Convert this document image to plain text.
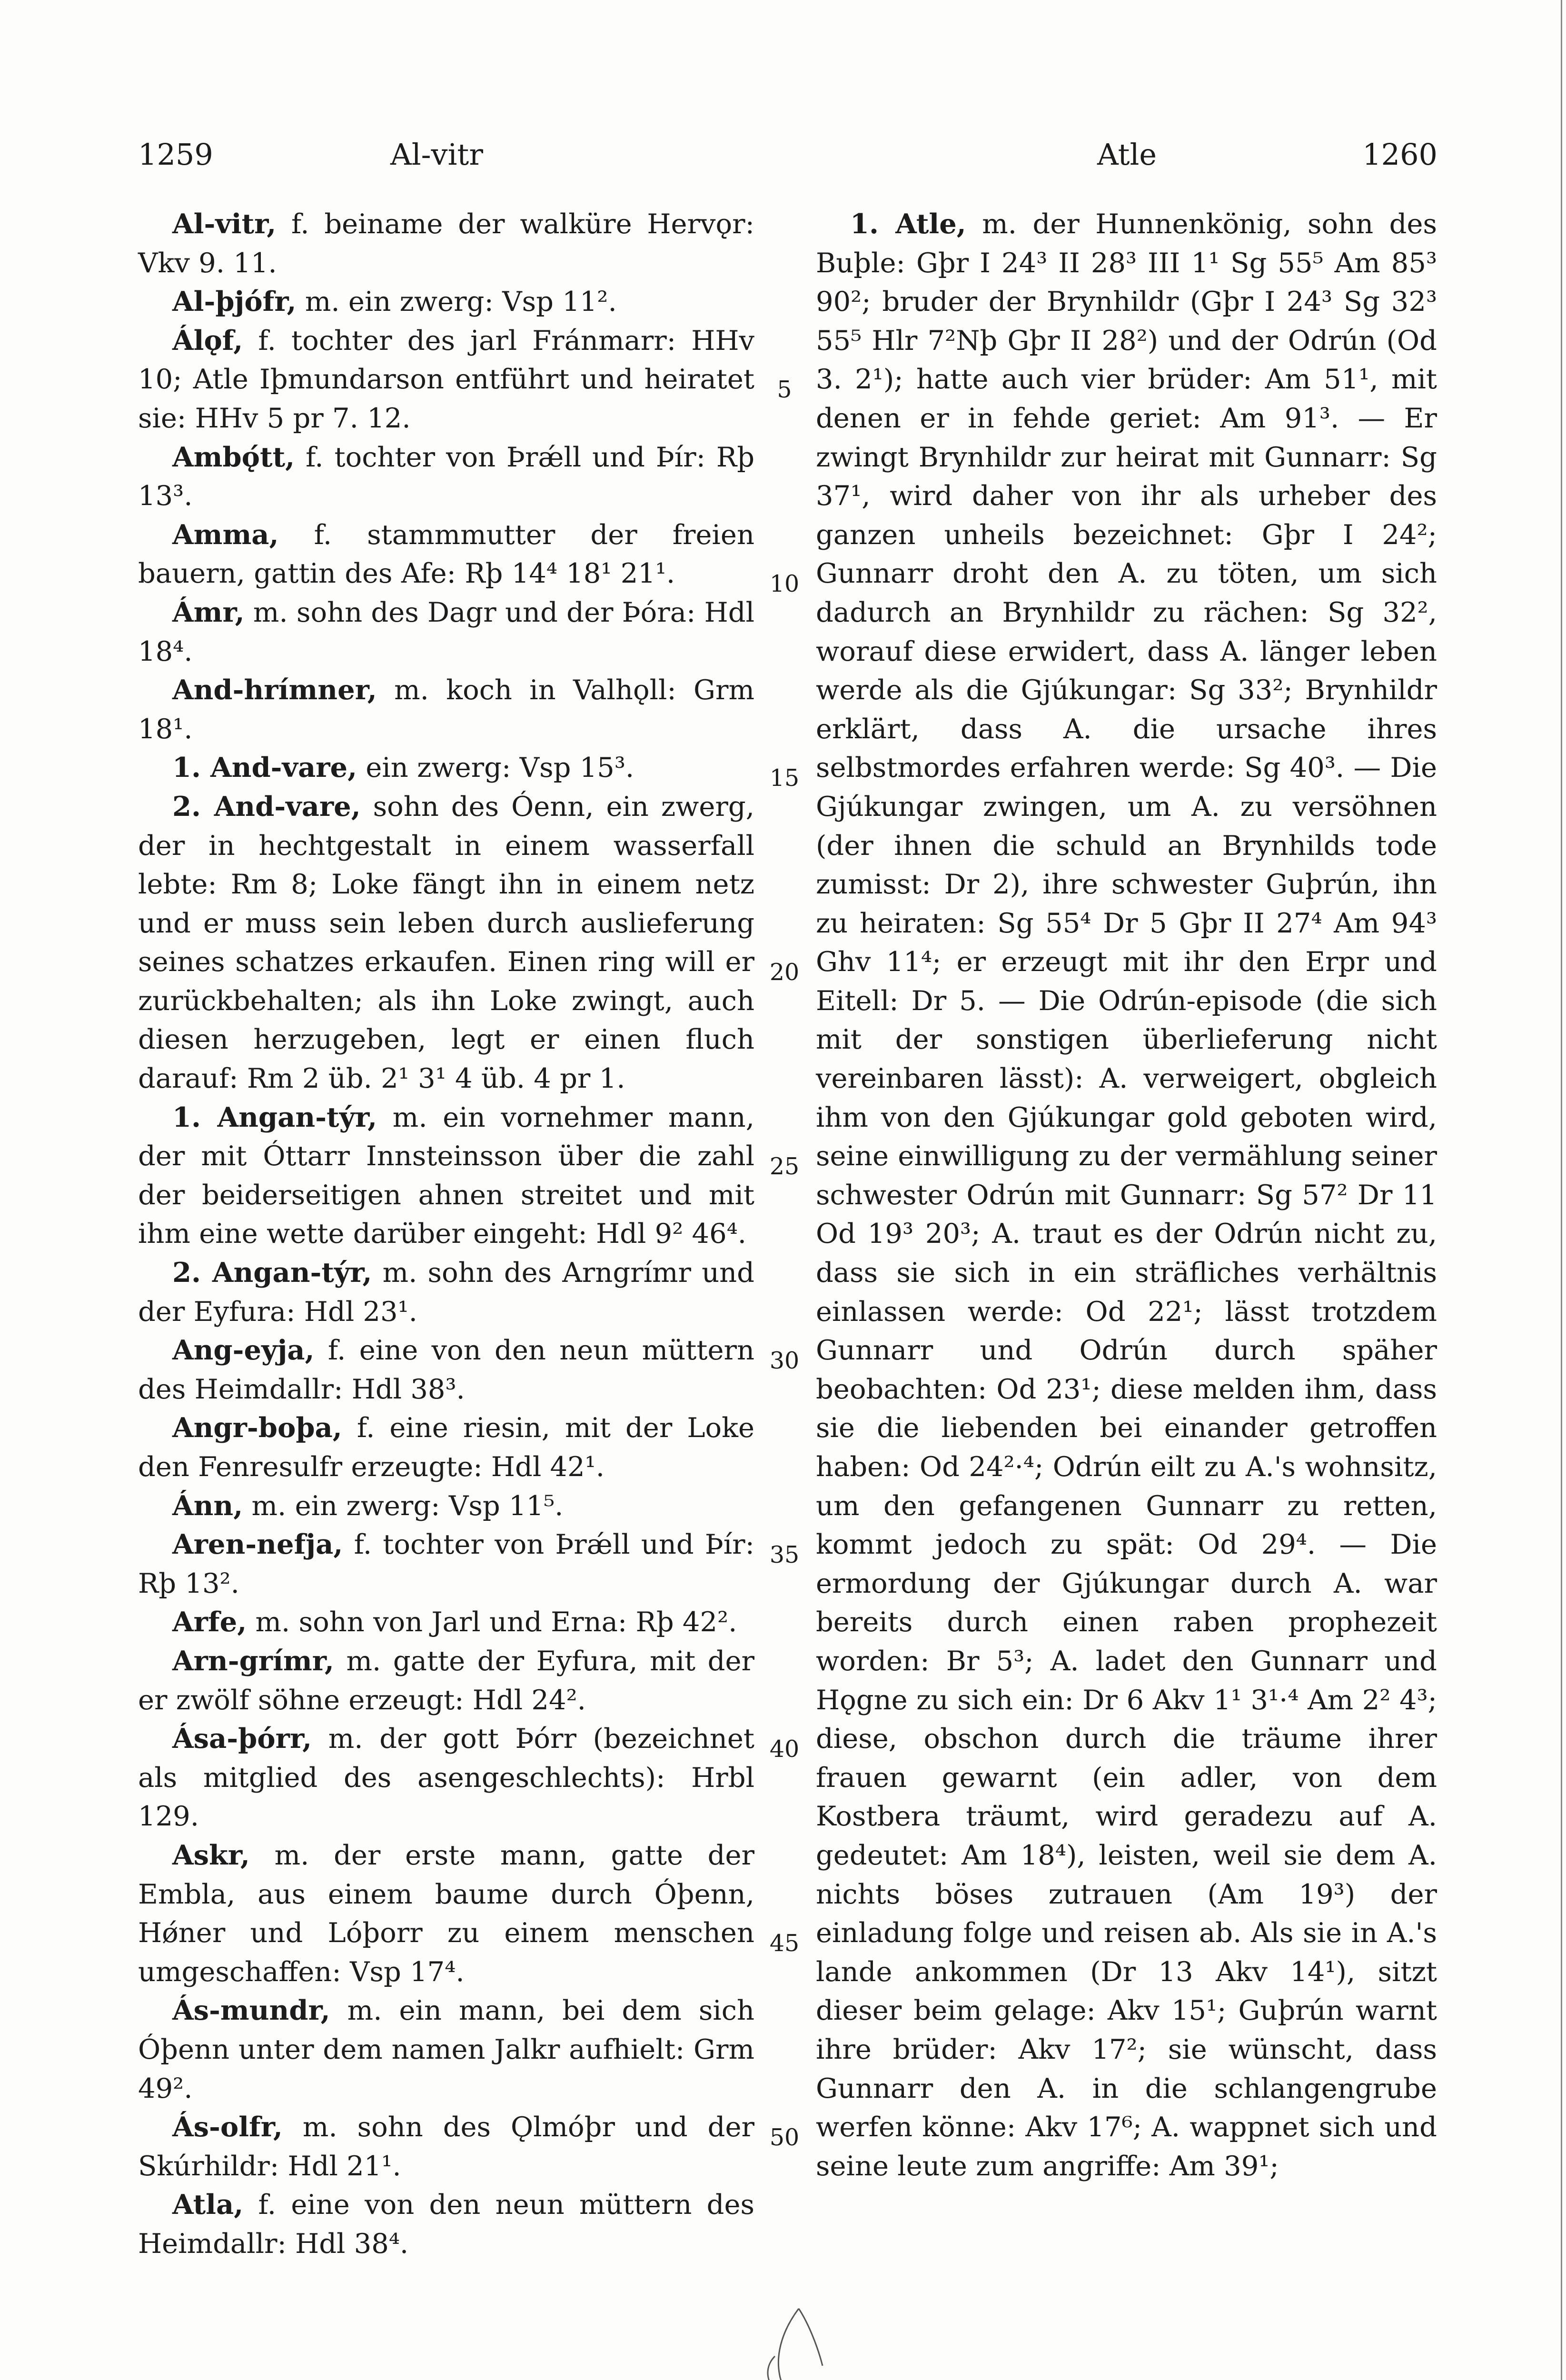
1259	Al-vitr	Atle	1260

Al-vitr, f. beiname der walküre Hervǫr: Vkv 9. 11.

Al-þjófr, m. ein zwerg: Vsp 11².

Álǫf, f. tochter des jarl Fránmarr: HHv 10; Atle Iþmundarson entführt und heiratet sie: HHv 5 pr 7. 12.

Ambǫ́tt, f. tochter von Þrǽll und Þír: Rþ 13³.

Amma, f. stammmutter der freien bauern, gattin des Afe: Rþ 14⁴ 18¹ 21¹.

Ámr, m. sohn des Dagr und der Þóra: Hdl 18⁴.

And-hrímner, m. koch in Valhǫll: Grm 18¹.

1. And-vare, ein zwerg: Vsp 15³.

2. And-vare, sohn des Óenn, ein zwerg, der in hechtgestalt in einem wasserfall lebte: Rm 8; Loke fängt ihn in einem netz und er muss sein leben durch auslieferung seines schatzes erkaufen. Einen ring will er zurückbehalten; als ihn Loke zwingt, auch diesen herzugeben, legt er einen fluch darauf: Rm 2 üb. 2¹ 3¹ 4 üb. 4 pr 1.

1. Angan-týr, m. ein vornehmer mann, der mit Óttarr Innsteinsson über die zahl der beiderseitigen ahnen streitet und mit ihm eine wette darüber eingeht: Hdl 9² 46⁴.

2. Angan-týr, m. sohn des Arngrímr und der Eyfura: Hdl 23¹.

Ang-eyja, f. eine von den neun müttern des Heimdallr: Hdl 38³.

Angr-boþa, f. eine riesin, mit der Loke den Fenresulfr erzeugte: Hdl 42¹.

Ánn, m. ein zwerg: Vsp 11⁵.

Aren-nefja, f. tochter von Þrǽll und Þír: Rþ 13².

Arfe, m. sohn von Jarl und Erna: Rþ 42².

Arn-grímr, m. gatte der Eyfura, mit der er zwölf söhne erzeugt: Hdl 24².

Ása-þórr, m. der gott Þórr (bezeichnet als mitglied des asengeschlechts): Hrbl 129.

Askr, m. der erste mann, gatte der Embla, aus einem baume durch Óþenn, Hǿner und Lóþorr zu einem menschen umgeschaffen: Vsp 17⁴.

Ás-mundr, m. ein mann, bei dem sich Óþenn unter dem namen Jalkr aufhielt: Grm 49².

Ás-olfr, m. sohn des Ǫlmóþr und der Skúrhildr: Hdl 21¹.

Atla, f. eine von den neun müttern des Heimdallr: Hdl 38⁴.

1. Atle, m. der Hunnenkönig, sohn des Buþle: Gþr I 24³ II 28³ III 1¹ Sg 55⁵ Am 85³ 90²; bruder der Brynhildr (Gþr I 24³ Sg 32³ 55⁵ Hlr 7²Nþ Gþr II 28²) und der Odrún (Od 3. 2¹); hatte auch vier brüder: Am 51¹, mit denen er in fehde geriet: Am 91³. — Er zwingt Brynhildr zur heirat mit Gunnarr: Sg 37¹, wird daher von ihr als urheber des ganzen unheils bezeichnet: Gþr I 24²; Gunnarr droht den A. zu töten, um sich dadurch an Brynhildr zu rächen: Sg 32², worauf diese erwidert, dass A. länger leben werde als die Gjúkungar: Sg 33²; Brynhildr erklärt, dass A. die ursache ihres selbstmordes erfahren werde: Sg 40³. — Die Gjúkungar zwingen, um A. zu versöhnen (der ihnen die schuld an Brynhilds tode zumisst: Dr 2), ihre schwester Guþrún, ihn zu heiraten: Sg 55⁴ Dr 5 Gþr II 27⁴ Am 94³ Ghv 11⁴; er erzeugt mit ihr den Erpr und Eitell: Dr 5. — Die Odrún-episode (die sich mit der sonstigen überlieferung nicht vereinbaren lässt): A. verweigert, obgleich ihm von den Gjúkungar gold geboten wird, seine einwilligung zu der vermählung seiner schwester Odrún mit Gunnarr: Sg 57² Dr 11 Od 19³ 20³; A. traut es der Odrún nicht zu, dass sie sich in ein sträfliches verhältnis einlassen werde: Od 22¹; lässt trotzdem Gunnarr und Odrún durch späher beobachten: Od 23¹; diese melden ihm, dass sie die liebenden bei einander getroffen haben: Od 24²·⁴; Odrún eilt zu A.'s wohnsitz, um den gefangenen Gunnarr zu retten, kommt jedoch zu spät: Od 29⁴. — Die ermordung der Gjúkungar durch A. war bereits durch einen raben prophezeit worden: Br 5³; A. ladet den Gunnarr und Hǫgne zu sich ein: Dr 6 Akv 1¹ 3¹·⁴ Am 2² 4³; diese, obschon durch die träume ihrer frauen gewarnt (ein adler, von dem Kostbera träumt, wird geradezu auf A. gedeutet: Am 18⁴), leisten, weil sie dem A. nichts böses zutrauen (Am 19³) der einladung folge und reisen ab. Als sie in A.'s lande ankommen (Dr 13 Akv 14¹), sitzt dieser beim gelage: Akv 15¹; Guþrún warnt ihre brüder: Akv 17²; sie wünscht, dass Gunnarr den A. in die schlangengrube werfen könne: Akv 17⁶; A. wappnet sich und seine leute zum angriffe: Am 39¹;

5
10
15
20
25
30
35
40
45
50
